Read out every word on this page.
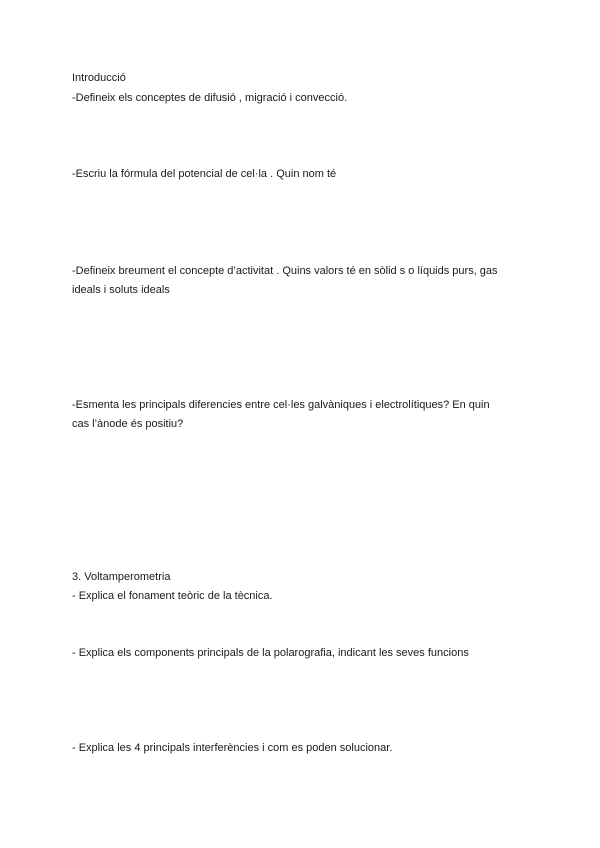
Introducció
-Defineix els conceptes de difusió , migració i convecció.
-Escriu la fórmula del potencial de cel·la . Quin nom té
-Defineix breument el concepte d’activitat . Quins valors té en sòlid s o líquids purs, gas
ideals i soluts ideals
-Esmenta les principals diferencies entre cel·les galvàniques i electrolítiques? En quin
cas l’ànode és positiu?
3. Voltamperometria
- Explica el fonament teòric de la tècnica.
- Explica els components principals de la polarografia, indicant les seves funcions
- Explica les 4 principals interferències i com es poden solucionar.
